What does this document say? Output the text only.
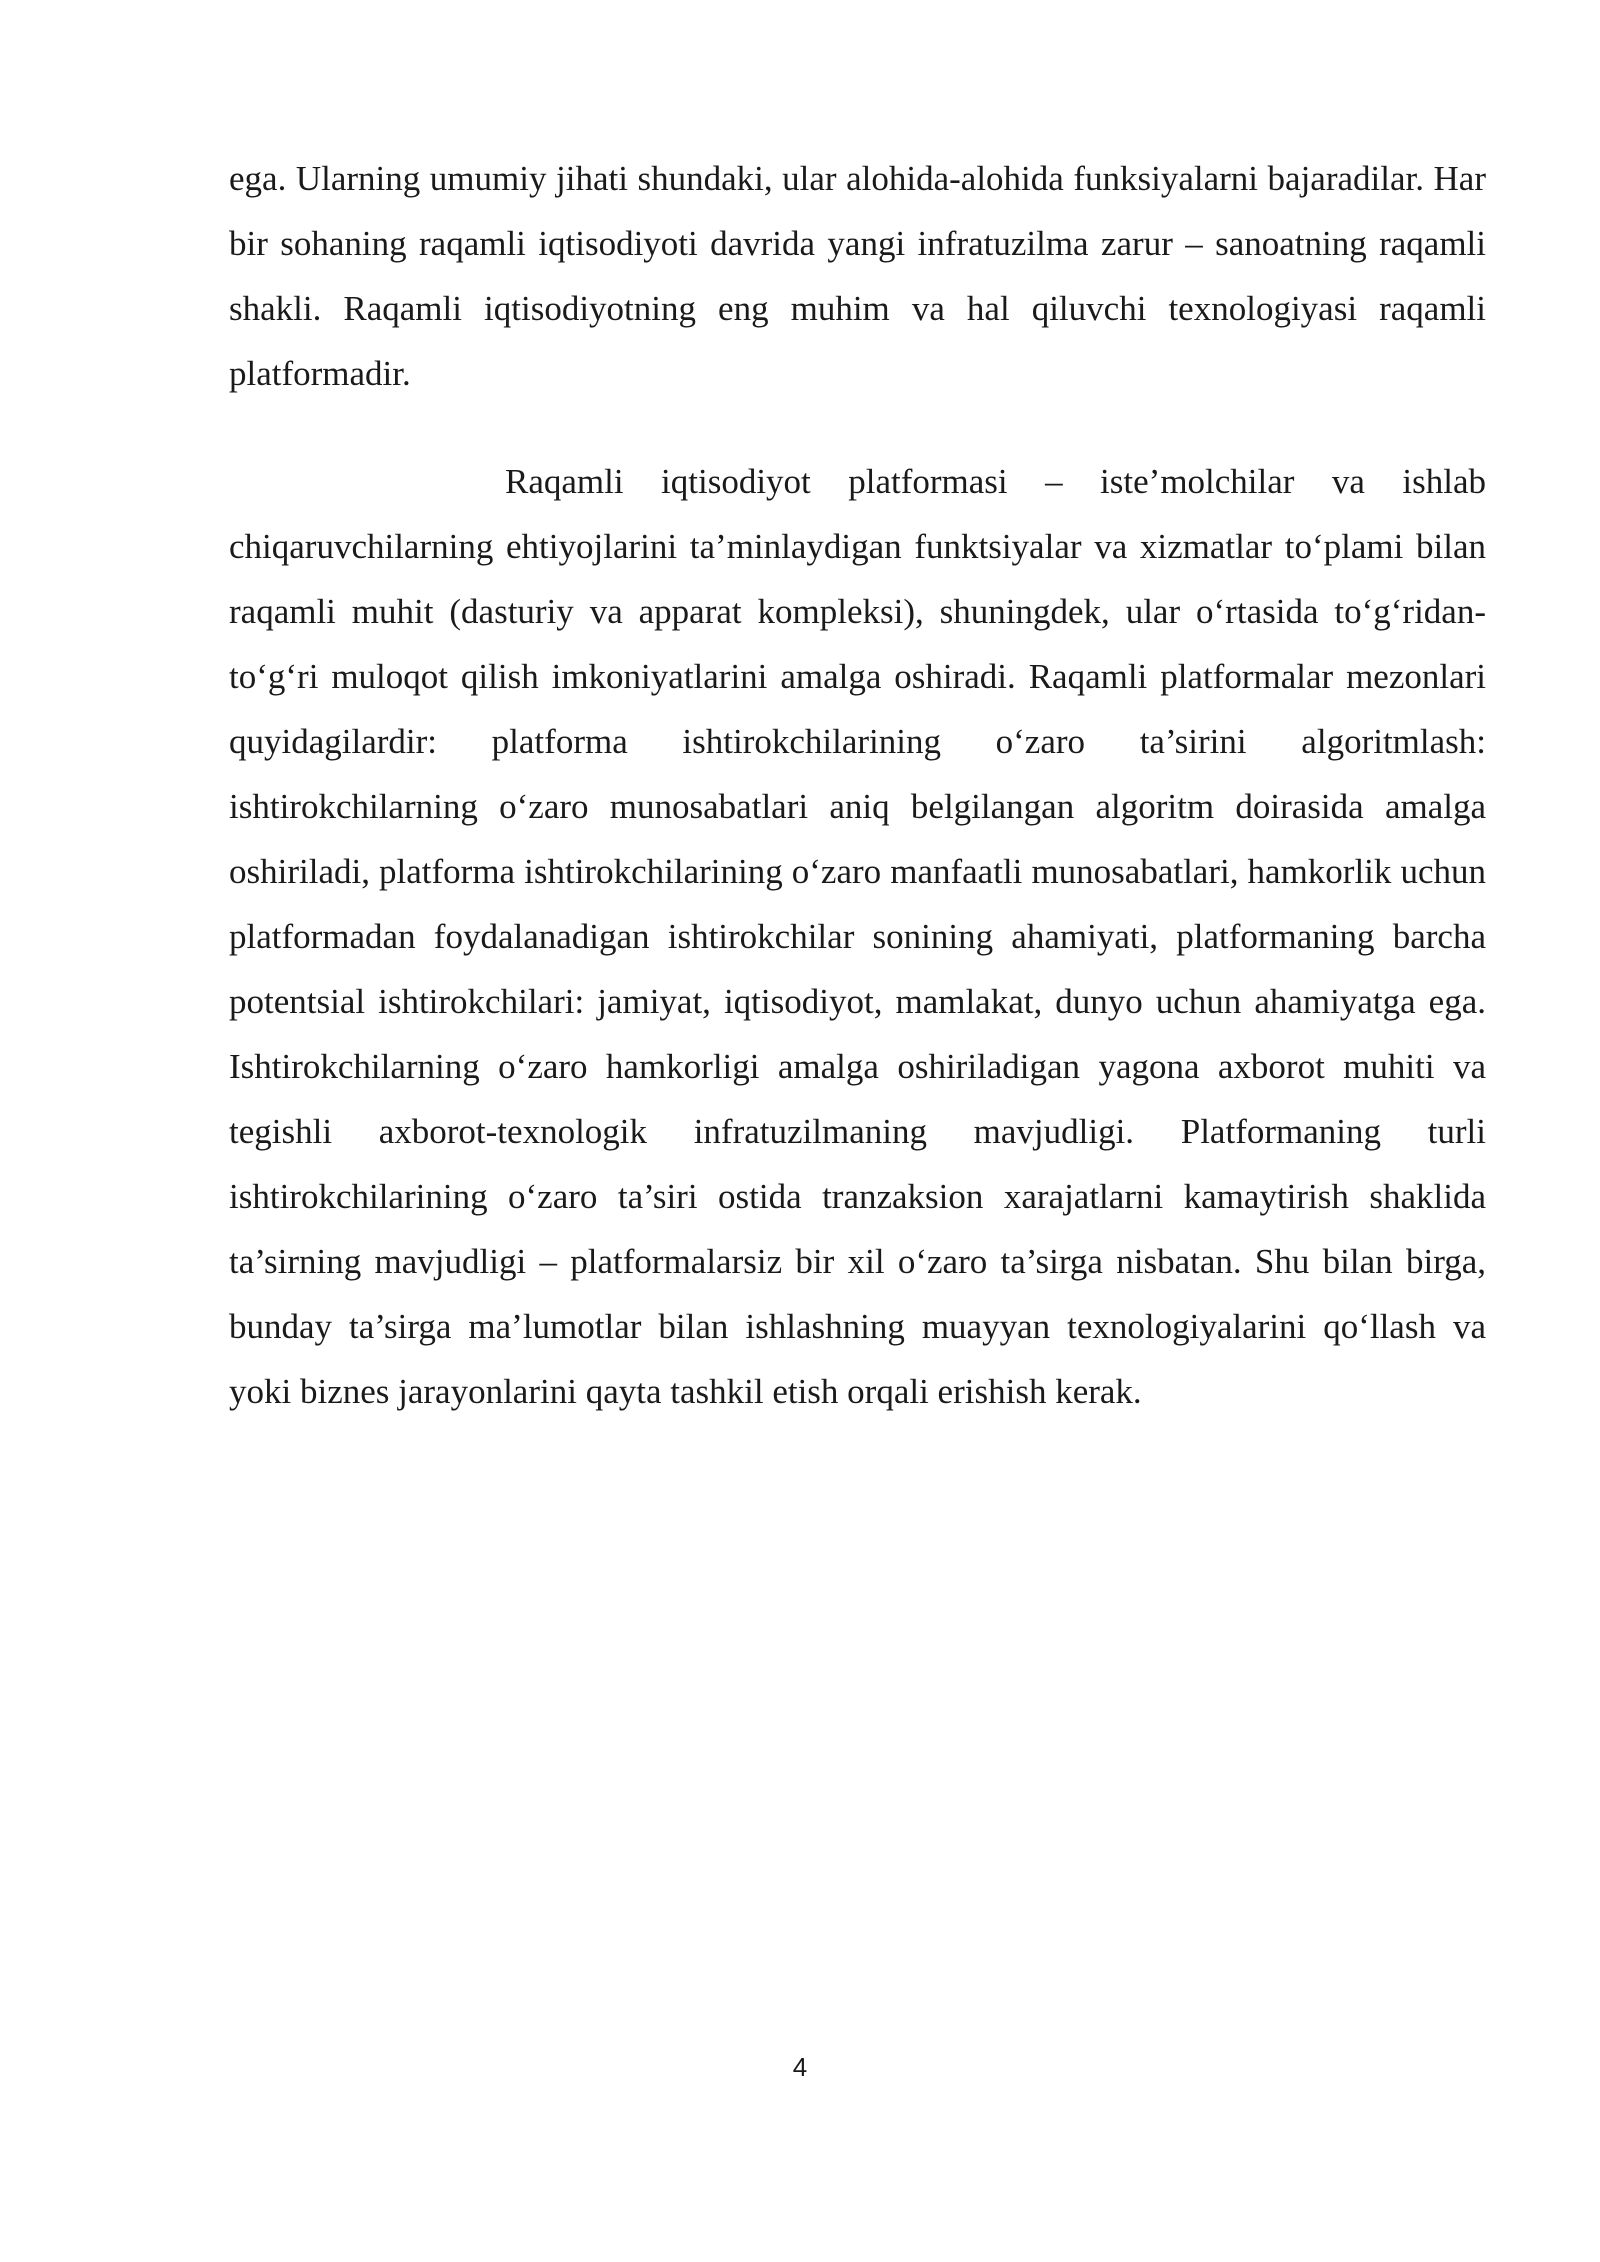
ega. Ularning umumiy jihati shundaki, ular alohida-alohida funksiyalarni bajaradilar. Har bir sohaning raqamli iqtisodiyoti davrida yangi infratuzilma zarur – sanoatning raqamli shakli. Raqamli iqtisodiyotning eng muhim va hal qiluvchi texnologiyasi raqamli platformadir.

Raqamli iqtisodiyot platformasi – iste’molchilar va ishlab chiqaruvchilarning ehtiyojlarini ta’minlaydigan funktsiyalar va xizmatlar to‘plami bilan raqamli muhit (dasturiy va apparat kompleksi), shuningdek, ular o‘rtasida to‘g‘ridan-to‘g‘ri muloqot qilish imkoniyatlarini amalga oshiradi. Raqamli platformalar mezonlari quyidagilardir: platforma ishtirokchilarining o‘zaro ta’sirini algoritmlash: ishtirokchilarning o‘zaro munosabatlari aniq belgilangan algoritm doirasida amalga oshiriladi, platforma ishtirokchilarining o‘zaro manfaatli munosabatlari, hamkorlik uchun platformadan foydalanadigan ishtirokchilar sonining ahamiyati, platformaning barcha potentsial ishtirokchilari: jamiyat, iqtisodiyot, mamlakat, dunyo uchun ahamiyatga ega. Ishtirokchilarning o‘zaro hamkorligi amalga oshiriladigan yagona axborot muhiti va tegishli axborot-texnologik infratuzilmaning mavjudligi. Platformaning turli ishtirokchilarining o‘zaro ta’siri ostida tranzaksion xarajatlarni kamaytirish shaklida ta’sirning mavjudligi – platformalarsiz bir xil o‘zaro ta’sirga nisbatan. Shu bilan birga, bunday ta’sirga ma’lumotlar bilan ishlashning muayyan texnologiyalarini qo‘llash va yoki biznes jarayonlarini qayta tashkil etish orqali erishish kerak.

4
